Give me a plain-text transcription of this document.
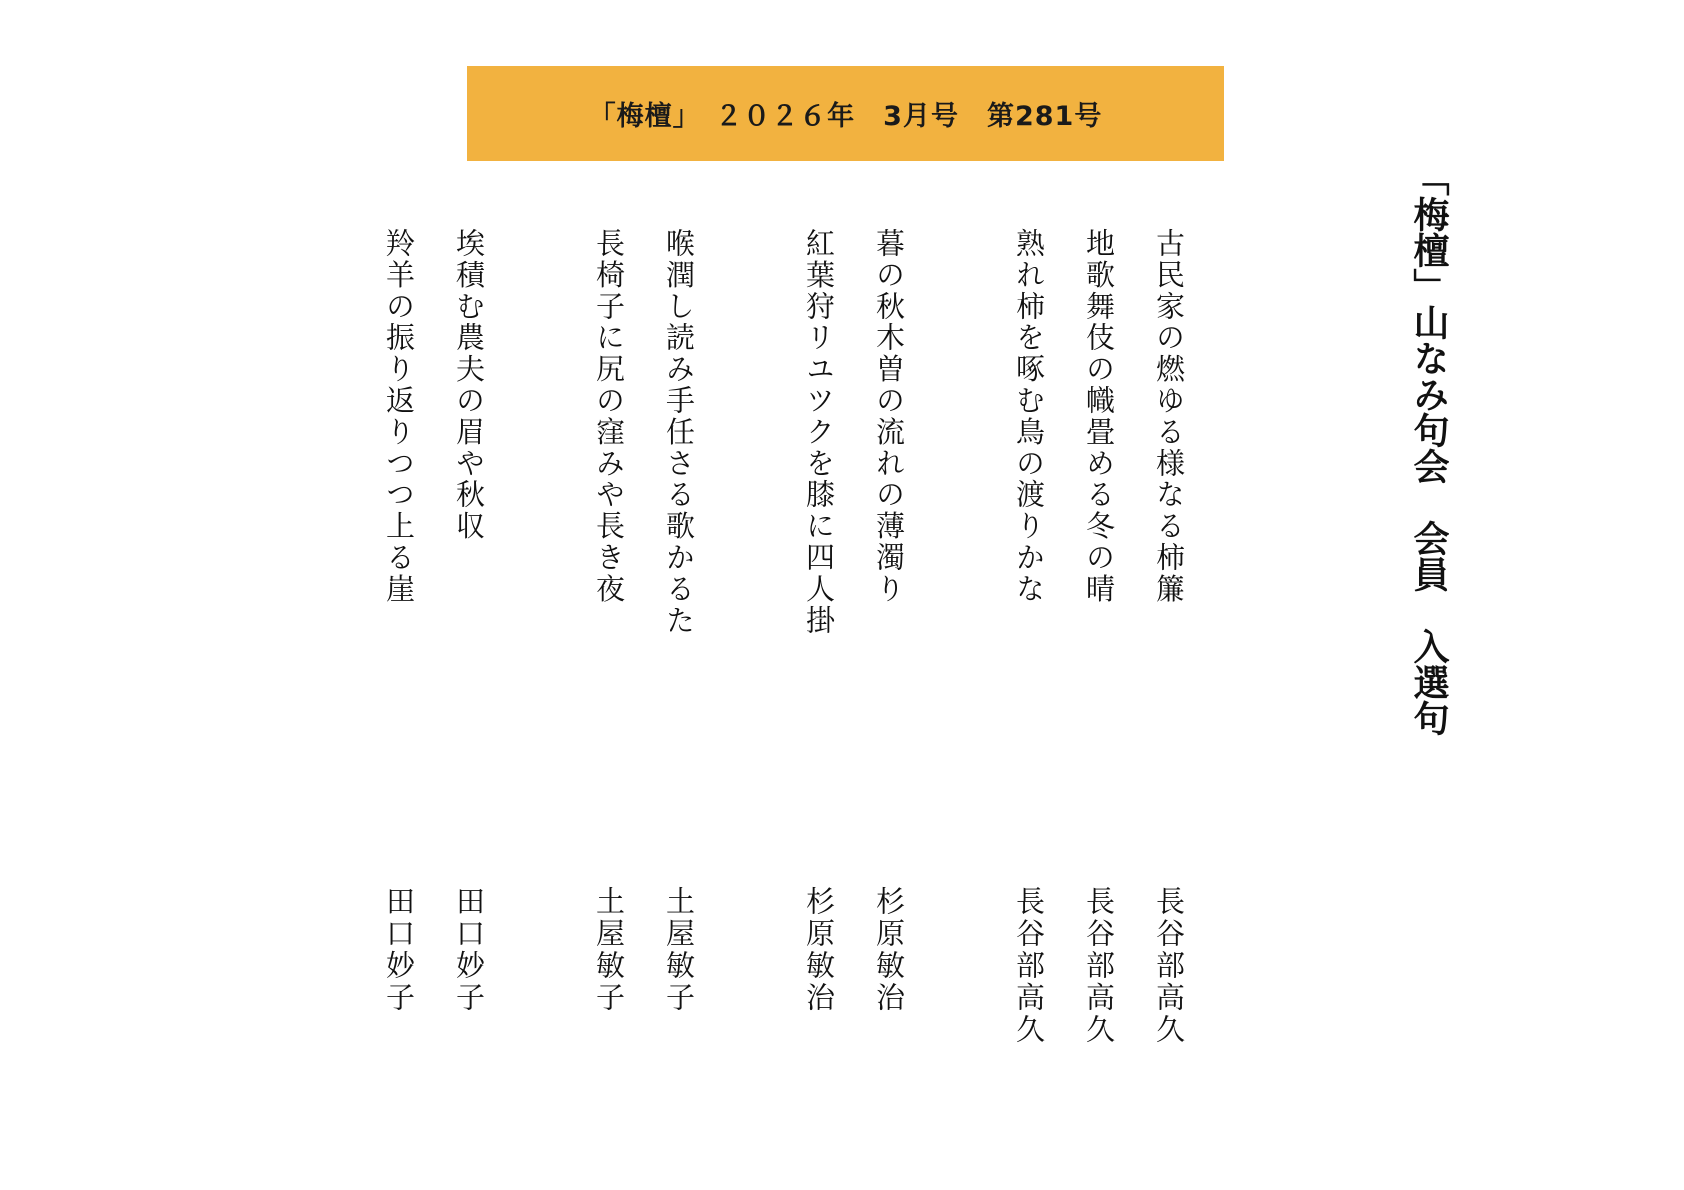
「梅檀」　２０２６年　3月号　第281号
「梅檀」山なみ句会　会員　入選句
古民家の燃ゆる様なる柿簾
地歌舞伎の幟畳める冬の晴
熟れ柿を啄む鳥の渡りかな
暮の秋木曽の流れの薄濁り
紅葉狩リユツクを膝に四人掛
喉潤し読み手任さる歌かるた
長椅子に尻の窪みや長き夜
埃積む農夫の眉や秋収
羚羊の振り返りつつ上る崖
長谷部高久
長谷部高久
長谷部高久
杉原敏治
杉原敏治
土屋敏子
土屋敏子
田口妙子
田口妙子
